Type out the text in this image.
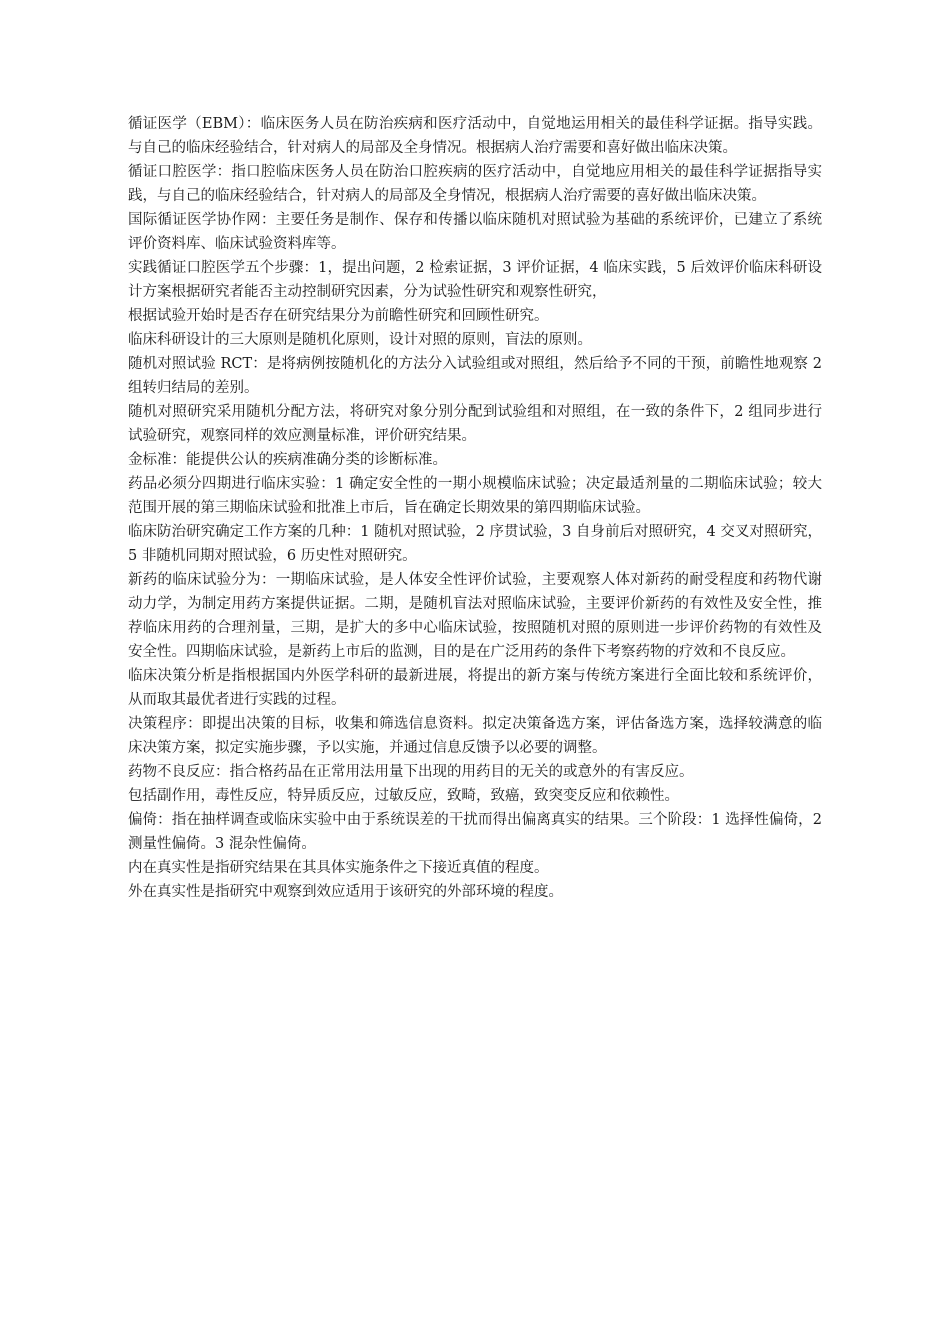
循证医学（EBM）：临床医务人员在防治疾病和医疗活动中，自觉地运用相关的最佳科学证据。指导实践。与自己的临床经验结合，针对病人的局部及全身情况。根据病人治疗需要和喜好做出临床决策。

循证口腔医学：指口腔临床医务人员在防治口腔疾病的医疗活动中，自觉地应用相关的最佳科学证据指导实践，与自己的临床经验结合，针对病人的局部及全身情况，根据病人治疗需要的喜好做出临床决策。

国际循证医学协作网：主要任务是制作、保存和传播以临床随机对照试验为基础的系统评价，已建立了系统评价资料库、临床试验资料库等。

实践循证口腔医学五个步骤：1，提出问题，2 检索证据，3 评价证据，4 临床实践，5 后效评价临床科研设计方案根据研究者能否主动控制研究因素，分为试验性研究和观察性研究，

根据试验开始时是否存在研究结果分为前瞻性研究和回顾性研究。

临床科研设计的三大原则是随机化原则，设计对照的原则，盲法的原则。

随机对照试验 RCT：是将病例按随机化的方法分入试验组或对照组，然后给予不同的干预，前瞻性地观察 2 组转归结局的差别。

随机对照研究采用随机分配方法，将研究对象分别分配到试验组和对照组，在一致的条件下，2 组同步进行试验研究，观察同样的效应测量标准，评价研究结果。

金标准：能提供公认的疾病准确分类的诊断标准。

药品必须分四期进行临床实验：1 确定安全性的一期小规模临床试验；决定最适剂量的二期临床试验；较大范围开展的第三期临床试验和批准上市后，旨在确定长期效果的第四期临床试验。

临床防治研究确定工作方案的几种：1 随机对照试验，2 序贯试验，3 自身前后对照研究，4 交叉对照研究，5 非随机同期对照试验，6 历史性对照研究。

新药的临床试验分为：一期临床试验，是人体安全性评价试验，主要观察人体对新药的耐受程度和药物代谢动力学，为制定用药方案提供证据。二期，是随机盲法对照临床试验，主要评价新药的有效性及安全性，推荐临床用药的合理剂量，三期，是扩大的多中心临床试验，按照随机对照的原则进一步评价药物的有效性及安全性。四期临床试验，是新药上市后的监测，目的是在广泛用药的条件下考察药物的疗效和不良反应。

临床决策分析是指根据国内外医学科研的最新进展，将提出的新方案与传统方案进行全面比较和系统评价，从而取其最优者进行实践的过程。

决策程序：即提出决策的目标，收集和筛选信息资料。拟定决策备选方案，评估备选方案，选择较满意的临床决策方案，拟定实施步骤，予以实施，并通过信息反馈予以必要的调整。

药物不良反应：指合格药品在正常用法用量下出现的用药目的无关的或意外的有害反应。

包括副作用，毒性反应，特异质反应，过敏反应，致畸，致癌，致突变反应和依赖性。

偏倚：指在抽样调查或临床实验中由于系统误差的干扰而得出偏离真实的结果。三个阶段：1 选择性偏倚，2 测量性偏倚。3 混杂性偏倚。

内在真实性是指研究结果在其具体实施条件之下接近真值的程度。

外在真实性是指研究中观察到效应适用于该研究的外部环境的程度。
